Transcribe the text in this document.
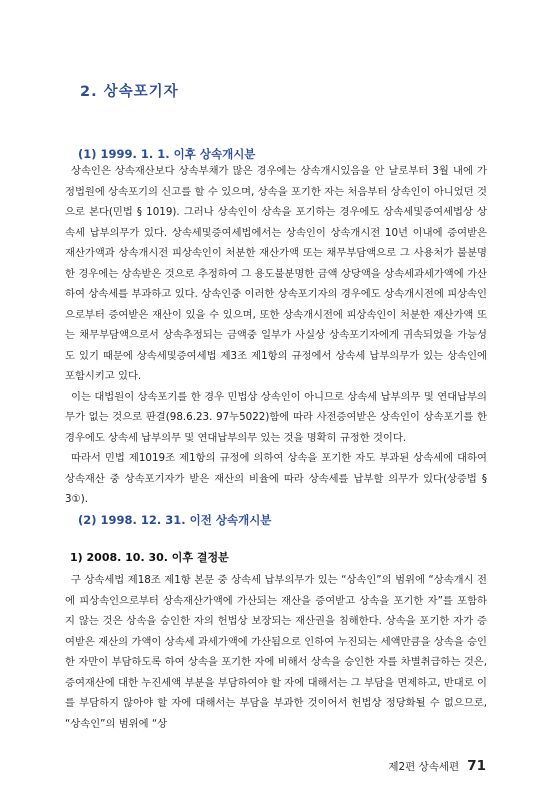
2. 상속포기자
(1) 1999. 1. 1. 이후 상속개시분

상속인은 상속재산보다 상속부채가 많은 경우에는 상속개시있음을 안 날로부터 3월 내에 가정법원에 상속포기의 신고를 할 수 있으며, 상속을 포기한 자는 처음부터 상속인이 아니었던 것으로 본다(민법 § 1019). 그러나 상속인이 상속을 포기하는 경우에도 상속세및증여세법상 상속세 납부의무가 있다. 상속세및증여세법에서는 상속인이 상속개시전 10년 이내에 증여받은 재산가액과 상속개시전 피상속인이 처분한 재산가액 또는 채무부담액으로 그 사용처가 불분명한 경우에는 상속받은 것으로 추정하여 그 용도불분명한 금액 상당액을 상속세과세가액에 가산하여 상속세를 부과하고 있다. 상속인중 이러한 상속포기자의 경우에도 상속개시전에 피상속인으로부터 증여받은 재산이 있을 수 있으며, 또한 상속개시전에 피상속인이 처분한 재산가액 또는 채무부담액으로서 상속추정되는 금액중 일부가 사실상 상속포기자에게 귀속되었을 가능성도 있기 때문에 상속세및증여세법 제3조 제1항의 규정에서 상속세 납부의무가 있는 상속인에 포함시키고 있다.

이는 대법원이 상속포기를 한 경우 민법상 상속인이 아니므로 상속세 납부의무 및 연대납부의무가 없는 것으로 판결(98.6.23. 97누5022)함에 따라 사전증여받은 상속인이 상속포기를 한 경우에도 상속세 납부의무 및 연대납부의무 있는 것을 명확히 규정한 것이다.

따라서 민법 제1019조 제1항의 규정에 의하여 상속을 포기한 자도 부과된 상속세에 대하여 상속재산 중 상속포기자가 받은 재산의 비율에 따라 상속세를 납부할 의무가 있다(상증법 § 3①).

(2) 1998. 12. 31. 이전 상속개시분
1) 2008. 10. 30. 이후 결정분

구 상속세법 제18조 제1항 본문 중 상속세 납부의무가 있는 “상속인”의 범위에 “상속개시 전에 피상속인으로부터 상속재산가액에 가산되는 재산을 증여받고 상속을 포기한 자”를 포함하지 않는 것은 상속을 승인한 자의 헌법상 보장되는 재산권을 침해한다. 상속을 포기한 자가 증여받은 재산의 가액이 상속세 과세가액에 가산됨으로 인하여 누진되는 세액만큼을 상속을 승인한 자만이 부담하도록 하여 상속을 포기한 자에 비해서 상속을 승인한 자를 차별취급하는 것은, 증여재산에 대한 누진세액 부분을 부담하여야 할 자에 대해서는 그 부담을 면제하고, 반대로 이를 부담하지 않아야 할 자에 대해서는 부담을 부과한 것이어서 헌법상 정당화될 수 없으므로, “상속인”의 범위에 “상

제2편 상속세편 71
